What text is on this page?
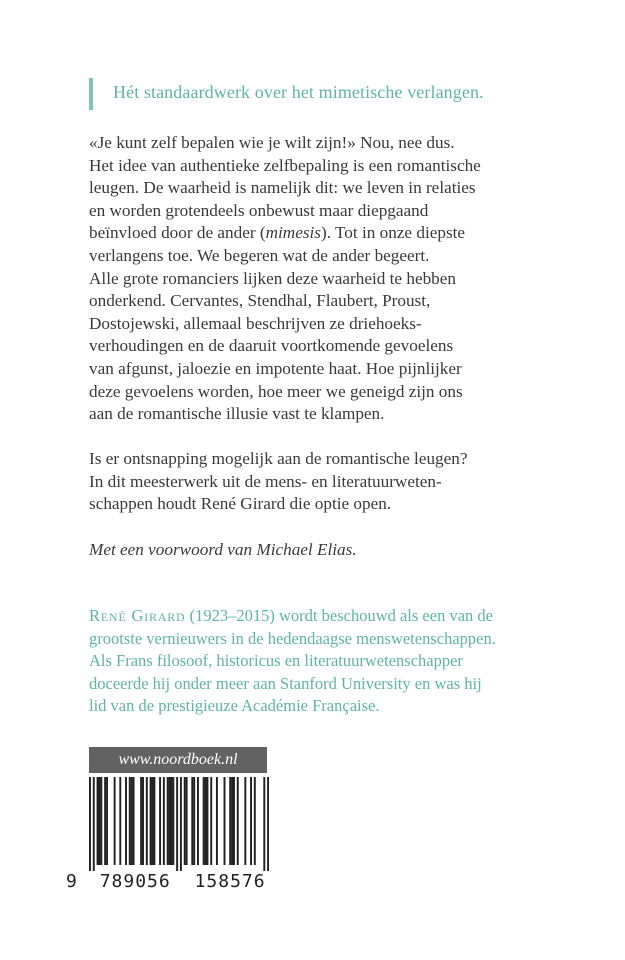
Hét standaardwerk over het mimetische verlangen.

«Je kunt zelf bepalen wie je wilt zijn!» Nou, nee dus.

Het idee van authentieke zelfbepaling is een romantische

leugen. De waarheid is namelijk dit: we leven in relaties

en worden grotendeels onbewust maar diepgaand

beïnvloed door de ander (mimesis). Tot in onze diepste

verlangens toe. We begeren wat de ander begeert.

Alle grote romanciers lijken deze waarheid te hebben

onderkend. Cervantes, Stendhal, Flaubert, Proust,

Dostojewski, allemaal beschrijven ze driehoeks-

verhoudingen en de daaruit voortkomende gevoelens

van afgunst, jaloezie en impotente haat. Hoe pijnlijker

deze gevoelens worden, hoe meer we geneigd zijn ons

aan de romantische illusie vast te klampen.

Is er ontsnapping mogelijk aan de romantische leugen?

In dit meesterwerk uit de mens- en literatuurweten-

schappen houdt René Girard die optie open.

Met een voorwoord van Michael Elias.

René Girard (1923–2015) wordt beschouwd als een van de

grootste vernieuwers in de hedendaagse menswetenschappen.

Als Frans filosoof, historicus en literatuurwetenschapper

doceerde hij onder meer aan Stanford University en was hij

lid van de prestigieuze Académie Française.

www.noordboek.nl
9 789056 158576
